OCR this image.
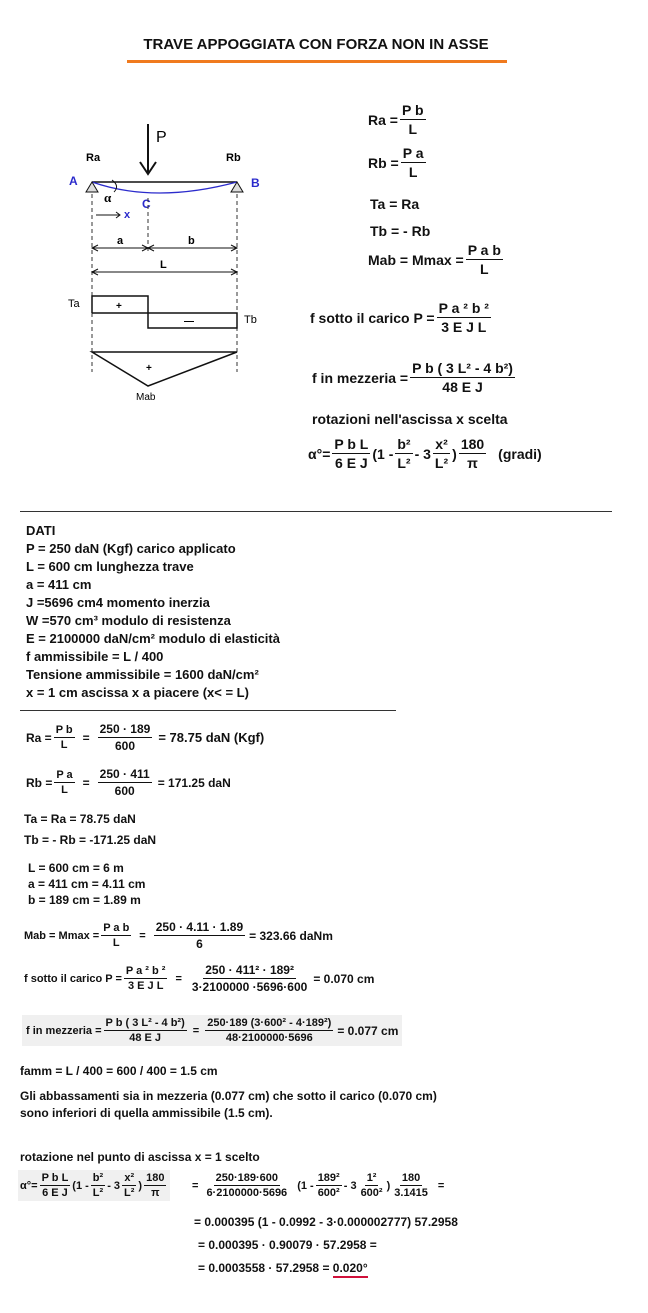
TRAVE APPOGGIATA CON FORZA NON IN ASSE
P
Ra	Rb
A	B
C
α
x
a	b
L
Ta
Tb
+
—
+
Mab
$Ra = \frac{\text{P b}}{L}$
$Rb = \frac{\text{P a}}{L}$
Ta = Ra
Tb = - Rb
Mab = $Mmax = \frac{\text{P a b}}{L}$
f sotto il carico $P = \frac{\text{P a ² b ²}}{\text{3 E J L}}$
f in mezzeria = $\frac{\text{P b ( 3 L² - 4 b²)}}{\text{48 E J}}$
rotazioni nell'ascissa x scelta
$\alpha^\circ= \frac{\text{P b L}}{\text{6 E J}} (1 - \frac{\text{b²}}{\text{L²}} - 3 \frac{\text{x²}}{\text{L²}}$ ) $\frac{180}{\pi}$ (gradi)
DATI
P = 250 daN (Kgf) carico applicato
L = 600 cm lunghezza trave
a = 411 cm
J =5696 cm4 momento inerzia
W =570 cm³ modulo di resistenza
E = 2100000 daN/cm² modulo di elasticità
f ammissibile = L / 400
Tensione ammissibile = 1600 daN/cm²
x = 1 cm ascissa x a piacere (x< = L)
$Ra = \frac{\text{P b}}{L} = \frac{250 \cdot 189}{600} = 78.75$ daN (Kgf)
$Rb = \frac{\text{P a}}{L} = \frac{250 \cdot 411}{600} = 171.25$ daN
Ta = Ra = 78.75 daN
Tb = - Rb = -171.25 daN
L = 600 cm = 6 m
a = 411 cm = 4.11 cm
b = 189 cm = 1.89 m
Mab = $Mmax = \frac{\text{P a b}}{L} = \frac{250 \cdot 4.11 \cdot 1.89}{6} = 323.66$ daNm
f sotto il carico $P = \frac{\text{P a ² b ²}}{\text{3 E J L}} = \frac{\text{250 · 411² · 189²}}{3\cdot 2100000 \cdot 5696\cdot 600} = 0.070$ cm
f in mezzeria = $\frac{\text{P b ( 3 L² - 4 b²)}}{\text{48 E J}} = \frac{\text{250·189 (3·600² - 4·189²)}}{48\cdot 2100000\cdot 5696} = 0.077$ cm
famm = L / 400 = 600 / 400 = 1.5 cm
Gli abbassamenti sia in mezzeria (0.077 cm) che sotto il carico (0.070 cm)
sono inferiori di quella ammissibile (1.5 cm).
rotazione nel punto di ascissa x = 1 scelto
$\alpha^\circ= \frac{\text{P b L}}{\text{6 E J}} (1 - \frac{\text{b²}}{\text{L²}} - 3 \frac{\text{x²}}{\text{L²}}$ ) $\frac{180}{\pi} = \frac{250\cdot 189\cdot 600}{6\cdot 2100000\cdot 5696} (1 - \frac{\text{189²}}{\text{600²}} - 3 \frac{\text{1²}}{\text{600²}}$ ) $\frac{180}{3.1415}$ =
= 0.000395 (1 - 0.0992 - 3·0.000002777) 57.2958
= 0.000395 · 0.90079 · 57.2958 =
= 0.0003558 · 57.2958 = 0.020°
